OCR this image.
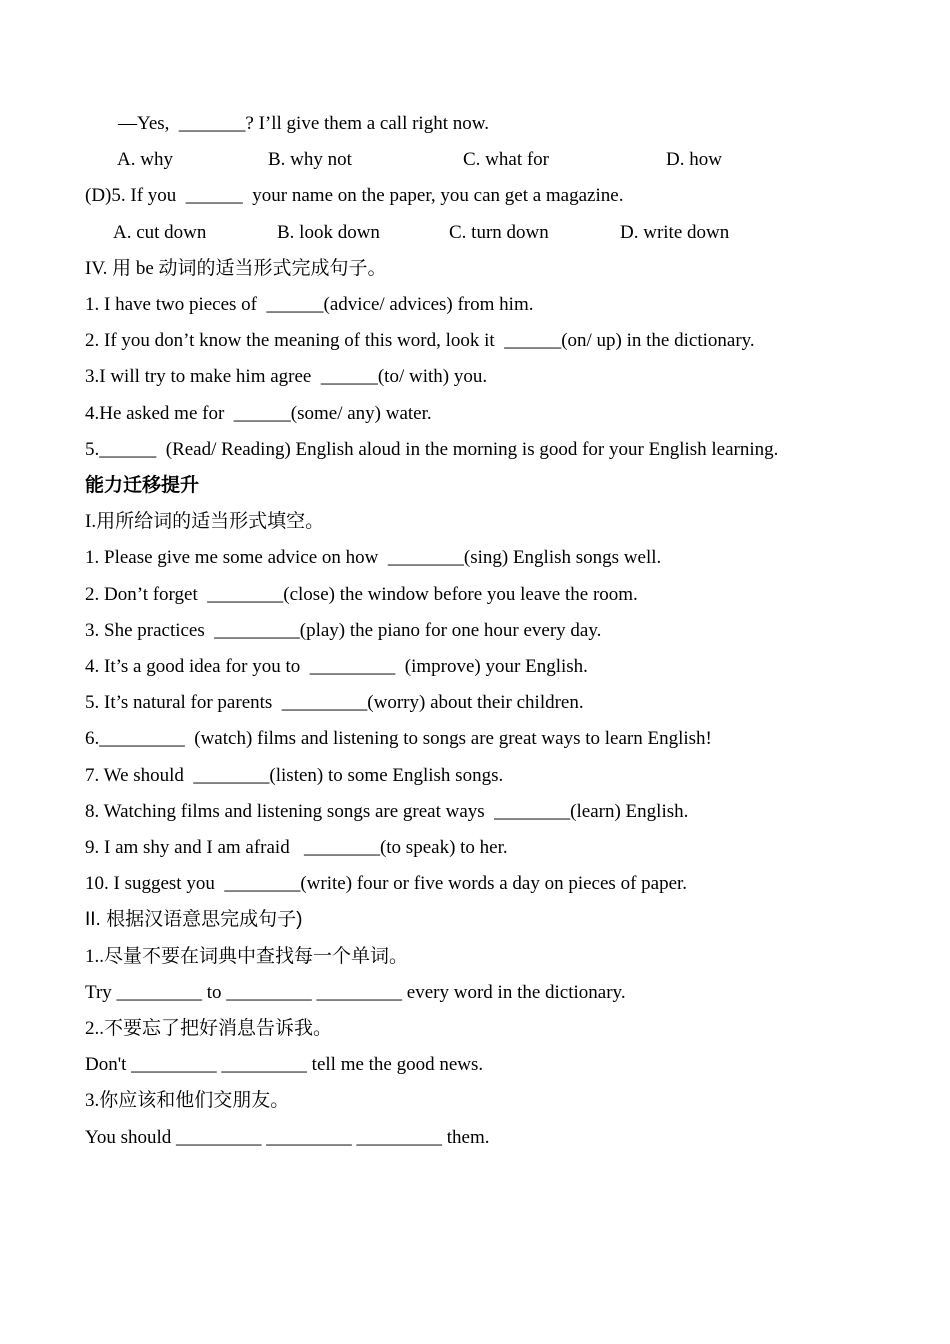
—Yes,  _______? I’ll give them a call right now.

A. why	B. why not	C. what for	D. how

(D)5. If you  ______  your name on the paper, you can get a magazine.

A. cut down	B. look down	C. turn down	D. write down

IV. 用 be 动词的适当形式完成句子。

1. I have two pieces of  ______(advice/ advices) from him.

2. If you don’t know the meaning of this word, look it  ______(on/ up) in the dictionary.

3.I will try to make him agree  ______(to/ with) you.

4.He asked me for  ______(some/ any) water.

5.______  (Read/ Reading) English aloud in the morning is good for your English learning.

能力迁移提升

I.用所给词的适当形式填空。

1. Please give me some advice on how  ________(sing) English songs well.

2. Don’t forget  ________(close) the window before you leave the room.

3. She practices  _________(play) the piano for one hour every day.

4. It’s a good idea for you to  _________  (improve) your English.

5. It’s natural for parents  _________(worry) about their children.

6._________  (watch) films and listening to songs are great ways to learn English!

7. We should  ________(listen) to some English songs.

8. Watching films and listening songs are great ways  ________(learn) English.

9. I am shy and I am afraid   ________(to speak) to her.

10. I suggest you  ________(write) four or five words a day on pieces of paper.

II. 根据汉语意思完成句子)

1..尽量不要在词典中查找每一个单词。

Try _________ to _________ _________ every word in the dictionary.

2..不要忘了把好消息告诉我。

Don't _________ _________ tell me the good news.

3.你应该和他们交朋友。

You should _________ _________ _________ them.
